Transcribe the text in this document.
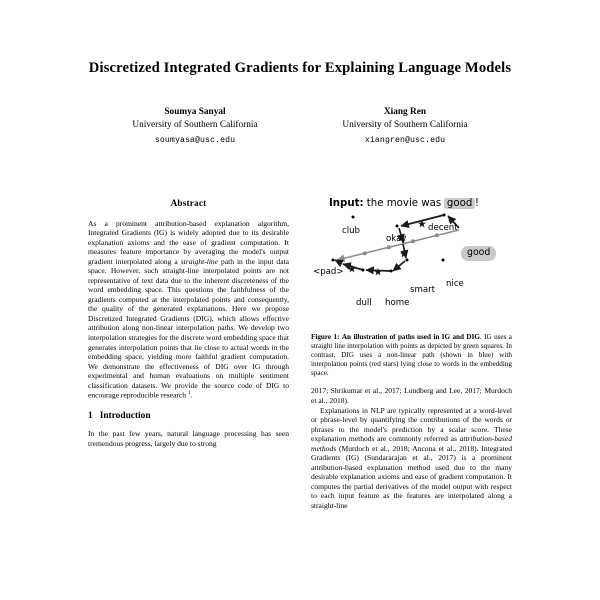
Discretized Integrated Gradients for Explaining Language Models
Soumya Sanyal
University of Southern California
soumyasa@usc.edu
Xiang Ren
University of Southern California
xiangren@usc.edu
Abstract

As a prominent attribution-based explanation algorithm, Integrated Gradients (IG) is widely adopted due to its desirable explanation axioms and the ease of gradient computation. It measures feature importance by averaging the model's output gradient interpolated along a straight-line path in the input data space. However, such straight-line interpolated points are not representative of text data due to the inherent discreteness of the word embedding space. This questions the faithfulness of the gradients computed at the interpolated points and consequently, the quality of the generated explanations. Here we propose Discretized Integrated Gradients (DIG), which allows effective attribution along non-linear interpolation paths. We develop two interpolation strategies for the discrete word embedding space that generates interpolation points that lie close to actual words in the embedding space, yielding more faithful gradient computation. We demonstrate the effectiveness of DIG over IG through experimental and human evaluations on multiple sentiment classification datasets. We provide the source code of DIG to encourage reproducible research $^1$.

1 Introduction

In the past few years, natural language processing has seen tremendous progress, largely due to strong

Input: the movie was good !
club
okay
decent
<pad>
smart
nice
dull home
good
Figure 1: An illustration of paths used in IG and DIG. IG uses a straight line interpolation with points as depicted by green squares. In contrast, DIG uses a non-linear path (shown in blue) with interpolation points (red stars) lying close to words in the embedding space.

2017; Shrikumar et al., 2017; Lundberg and Lee, 2017; Murdoch et al., 2018).

Explanations in NLP are typically represented at a word-level or phrase-level by quantifying the contributions of the words or phrases to the model's prediction by a scalar score. These explanation methods are commonly referred as attribution-based methods (Murdoch et al., 2018; Ancona et al., 2018). Integrated Gradients (IG) (Sundararajan et al., 2017) is a prominent attribution-based explanation method used due to the many desirable explanation axioms and ease of gradient computation. It computes the partial derivatives of the model output with respect to each input feature as the features are interpolated along a straight-line
